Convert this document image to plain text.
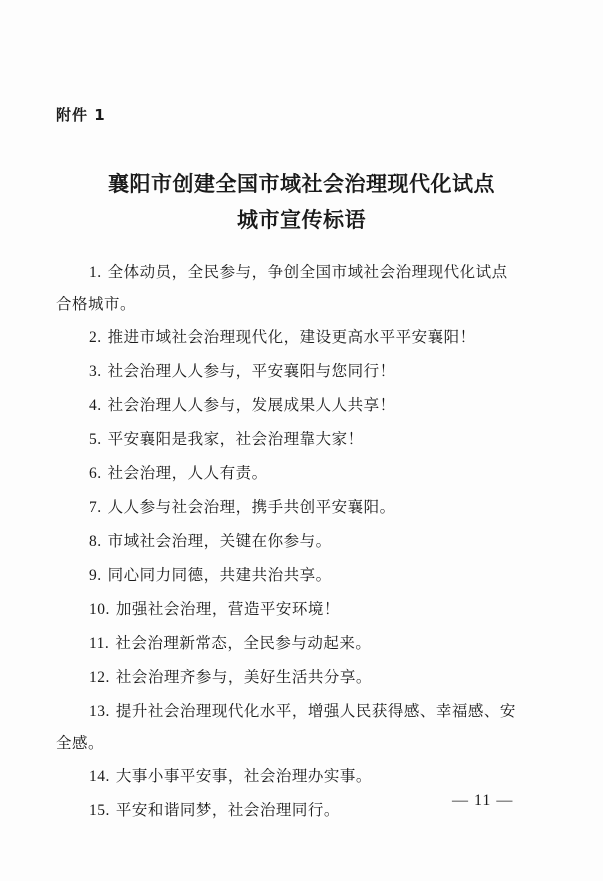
附件 1
襄阳市创建全国市域社会治理现代化试点
城市宣传标语
1. 全体动员，全民参与，争创全国市域社会治理现代化试点
合格城市。
2. 推进市域社会治理现代化，建设更高水平平安襄阳！
3. 社会治理人人参与，平安襄阳与您同行！
4. 社会治理人人参与，发展成果人人共享！
5. 平安襄阳是我家，社会治理靠大家！
6. 社会治理，人人有责。
7. 人人参与社会治理，携手共创平安襄阳。
8. 市域社会治理，关键在你参与。
9. 同心同力同德，共建共治共享。
10. 加强社会治理，营造平安环境！
11. 社会治理新常态，全民参与动起来。
12. 社会治理齐参与，美好生活共分享。
13. 提升社会治理现代化水平，增强人民获得感、幸福感、安
全感。
14. 大事小事平安事，社会治理办实事。
15. 平安和谐同梦，社会治理同行。
— 11 —
